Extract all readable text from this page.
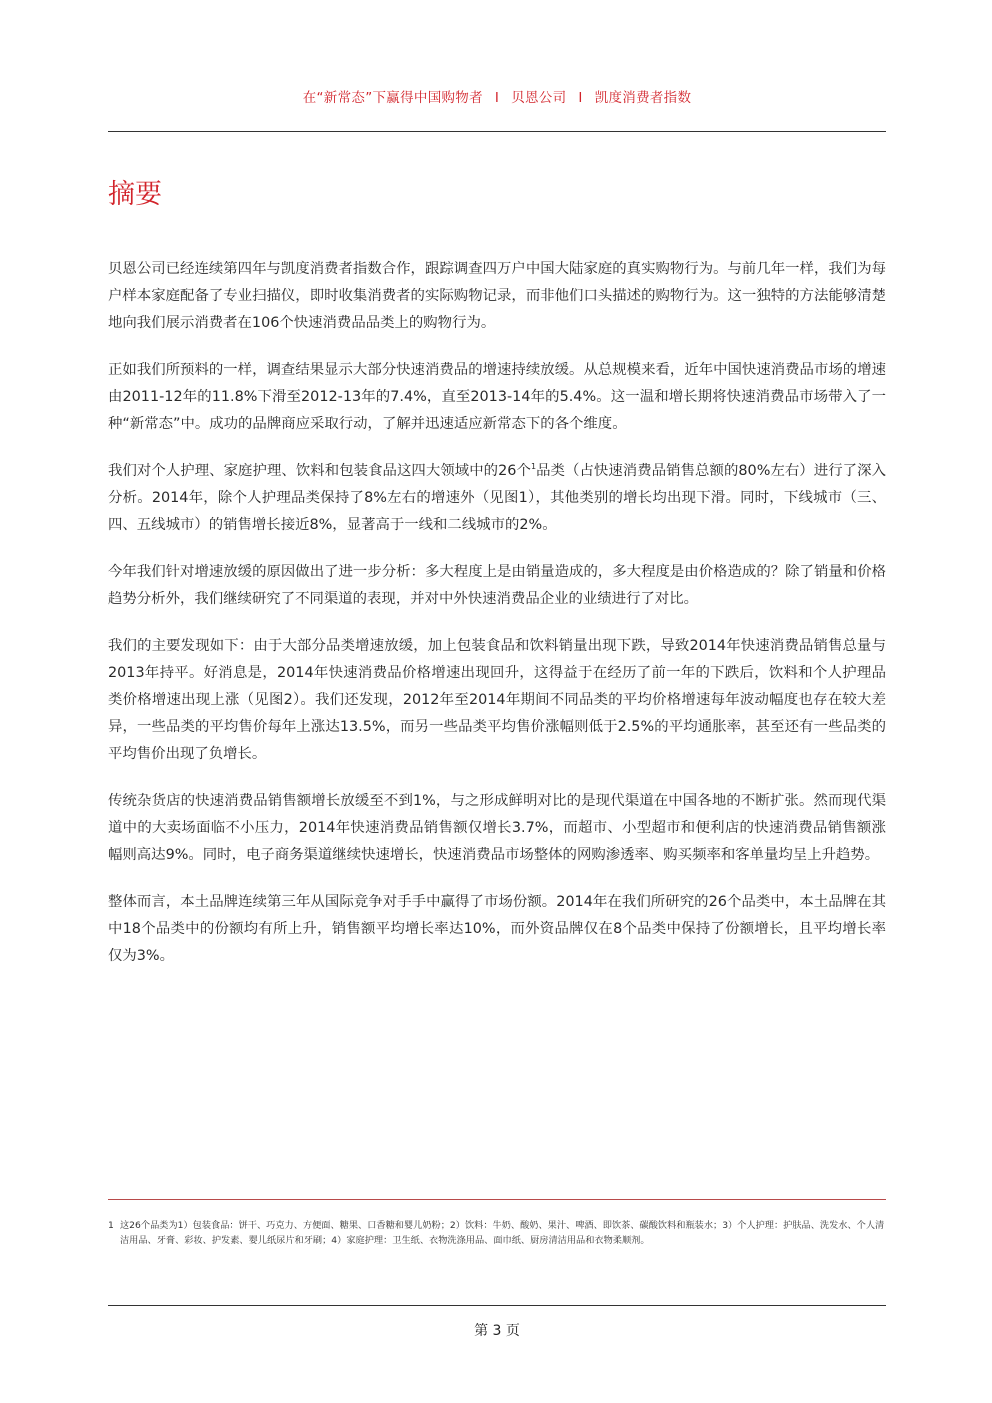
在“新常态”下赢得中国购物者 I 贝恩公司 I 凯度消费者指数
摘要

贝恩公司已经连续第四年与凯度消费者指数合作，跟踪调查四万户中国大陆家庭的真实购物行为。与前几年一样，我们为每户样本家庭配备了专业扫描仪，即时收集消费者的实际购物记录，而非他们口头描述的购物行为。这一独特的方法能够清楚地向我们展示消费者在106个快速消费品品类上的购物行为。

正如我们所预料的一样，调查结果显示大部分快速消费品的增速持续放缓。从总规模来看，近年中国快速消费品市场的增速由2011-12年的11.8%下滑至2012-13年的7.4%，直至2013-14年的5.4%。这一温和增长期将快速消费品市场带入了一种“新常态”中。成功的品牌商应采取行动，了解并迅速适应新常态下的各个维度。

我们对个人护理、家庭护理、饮料和包装食品这四大领域中的26个$^1$品类（占快速消费品销售总额的80%左右）进行了深入分析。2014年，除个人护理品类保持了8%左右的增速外（见图1），其他类别的增长均出现下滑。同时，下线城市（三、四、五线城市）的销售增长接近8%，显著高于一线和二线城市的2%。

今年我们针对增速放缓的原因做出了进一步分析：多大程度上是由销量造成的，多大程度是由价格造成的？除了销量和价格趋势分析外，我们继续研究了不同渠道的表现，并对中外快速消费品企业的业绩进行了对比。

我们的主要发现如下：由于大部分品类增速放缓，加上包装食品和饮料销量出现下跌，导致2014年快速消费品销售总量与2013年持平。好消息是，2014年快速消费品价格增速出现回升，这得益于在经历了前一年的下跌后，饮料和个人护理品类价格增速出现上涨（见图2）。我们还发现，2012年至2014年期间不同品类的平均价格增速每年波动幅度也存在较大差异，一些品类的平均售价每年上涨达13.5%，而另一些品类平均售价涨幅则低于2.5%的平均通胀率，甚至还有一些品类的平均售价出现了负增长。

传统杂货店的快速消费品销售额增长放缓至不到1%，与之形成鲜明对比的是现代渠道在中国各地的不断扩张。然而现代渠道中的大卖场面临不小压力，2014年快速消费品销售额仅增长3.7%，而超市、小型超市和便利店的快速消费品销售额涨幅则高达9%。同时，电子商务渠道继续快速增长，快速消费品市场整体的网购渗透率、购买频率和客单量均呈上升趋势。

整体而言，本土品牌连续第三年从国际竞争对手手中赢得了市场份额。2014年在我们所研究的26个品类中，本土品牌在其中18个品类中的份额均有所上升，销售额平均增长率达10%，而外资品牌仅在8个品类中保持了份额增长，且平均增长率仅为3%。

1 这26个品类为1）包装食品：饼干、巧克力、方便面、糖果、口香糖和婴儿奶粉；2）饮料：牛奶、酸奶、果汁、啤酒、即饮茶、碳酸饮料和瓶装水；3）个人护理：护肤品、洗发水、个人清洁用品、牙膏、彩妆、护发素、婴儿纸尿片和牙刷；4）家庭护理：卫生纸、衣物洗涤用品、面巾纸、厨房清洁用品和衣物柔顺剂。
第 3 页
